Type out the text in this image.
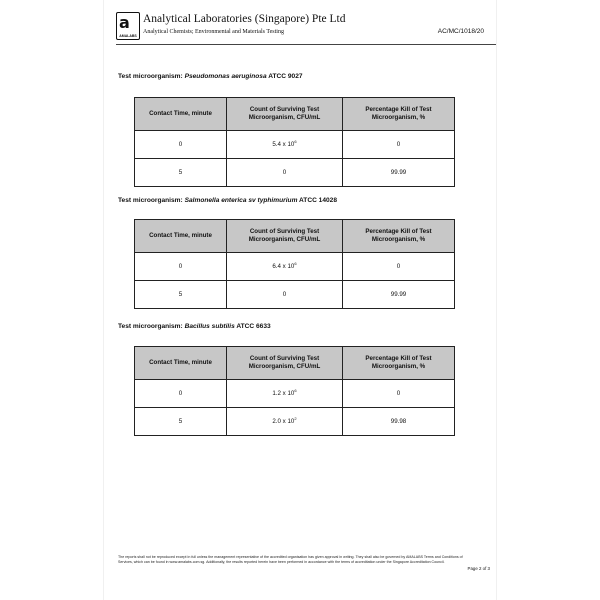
a
AMALABS
Analytical Laboratories (Singapore) Pte Ltd
Analytical Chemists; Environmental and Materials Testing	AC/MC/1018/20
Test microorganism: Pseudomonas aeruginosa ATCC 9027
Contact Time, minute	Count of Surviving Test Microorganism, CFU/mL	Percentage Kill of Test Microorganism, %
0	5.4 x $10^6$	0
5	0	99.99
Test microorganism: Salmonella enterica sv typhimurium ATCC 14028
Contact Time, minute	Count of Surviving Test Microorganism, CFU/mL	Percentage Kill of Test Microorganism, %
0	6.4 x $10^6$	0
5	0	99.99
Test microorganism: Bacillus subtilis ATCC 6633
Contact Time, minute	Count of Surviving Test Microorganism, CFU/mL	Percentage Kill of Test Microorganism, %
0	1.2 x $10^6$	0
5	2.0 x $10^2$	99.98
The reports shall not be reproduced except in full unless the management representative of the accredited organisation has given approval in writing. They shall also be governed by AMALABS Terms and Conditions of Services, which can be found in www.amalabs.com.sg. Additionally, the results reported herein have been performed in accordance with the terms of accreditation under the Singapore Accreditation Council.
Page 2 of 3
